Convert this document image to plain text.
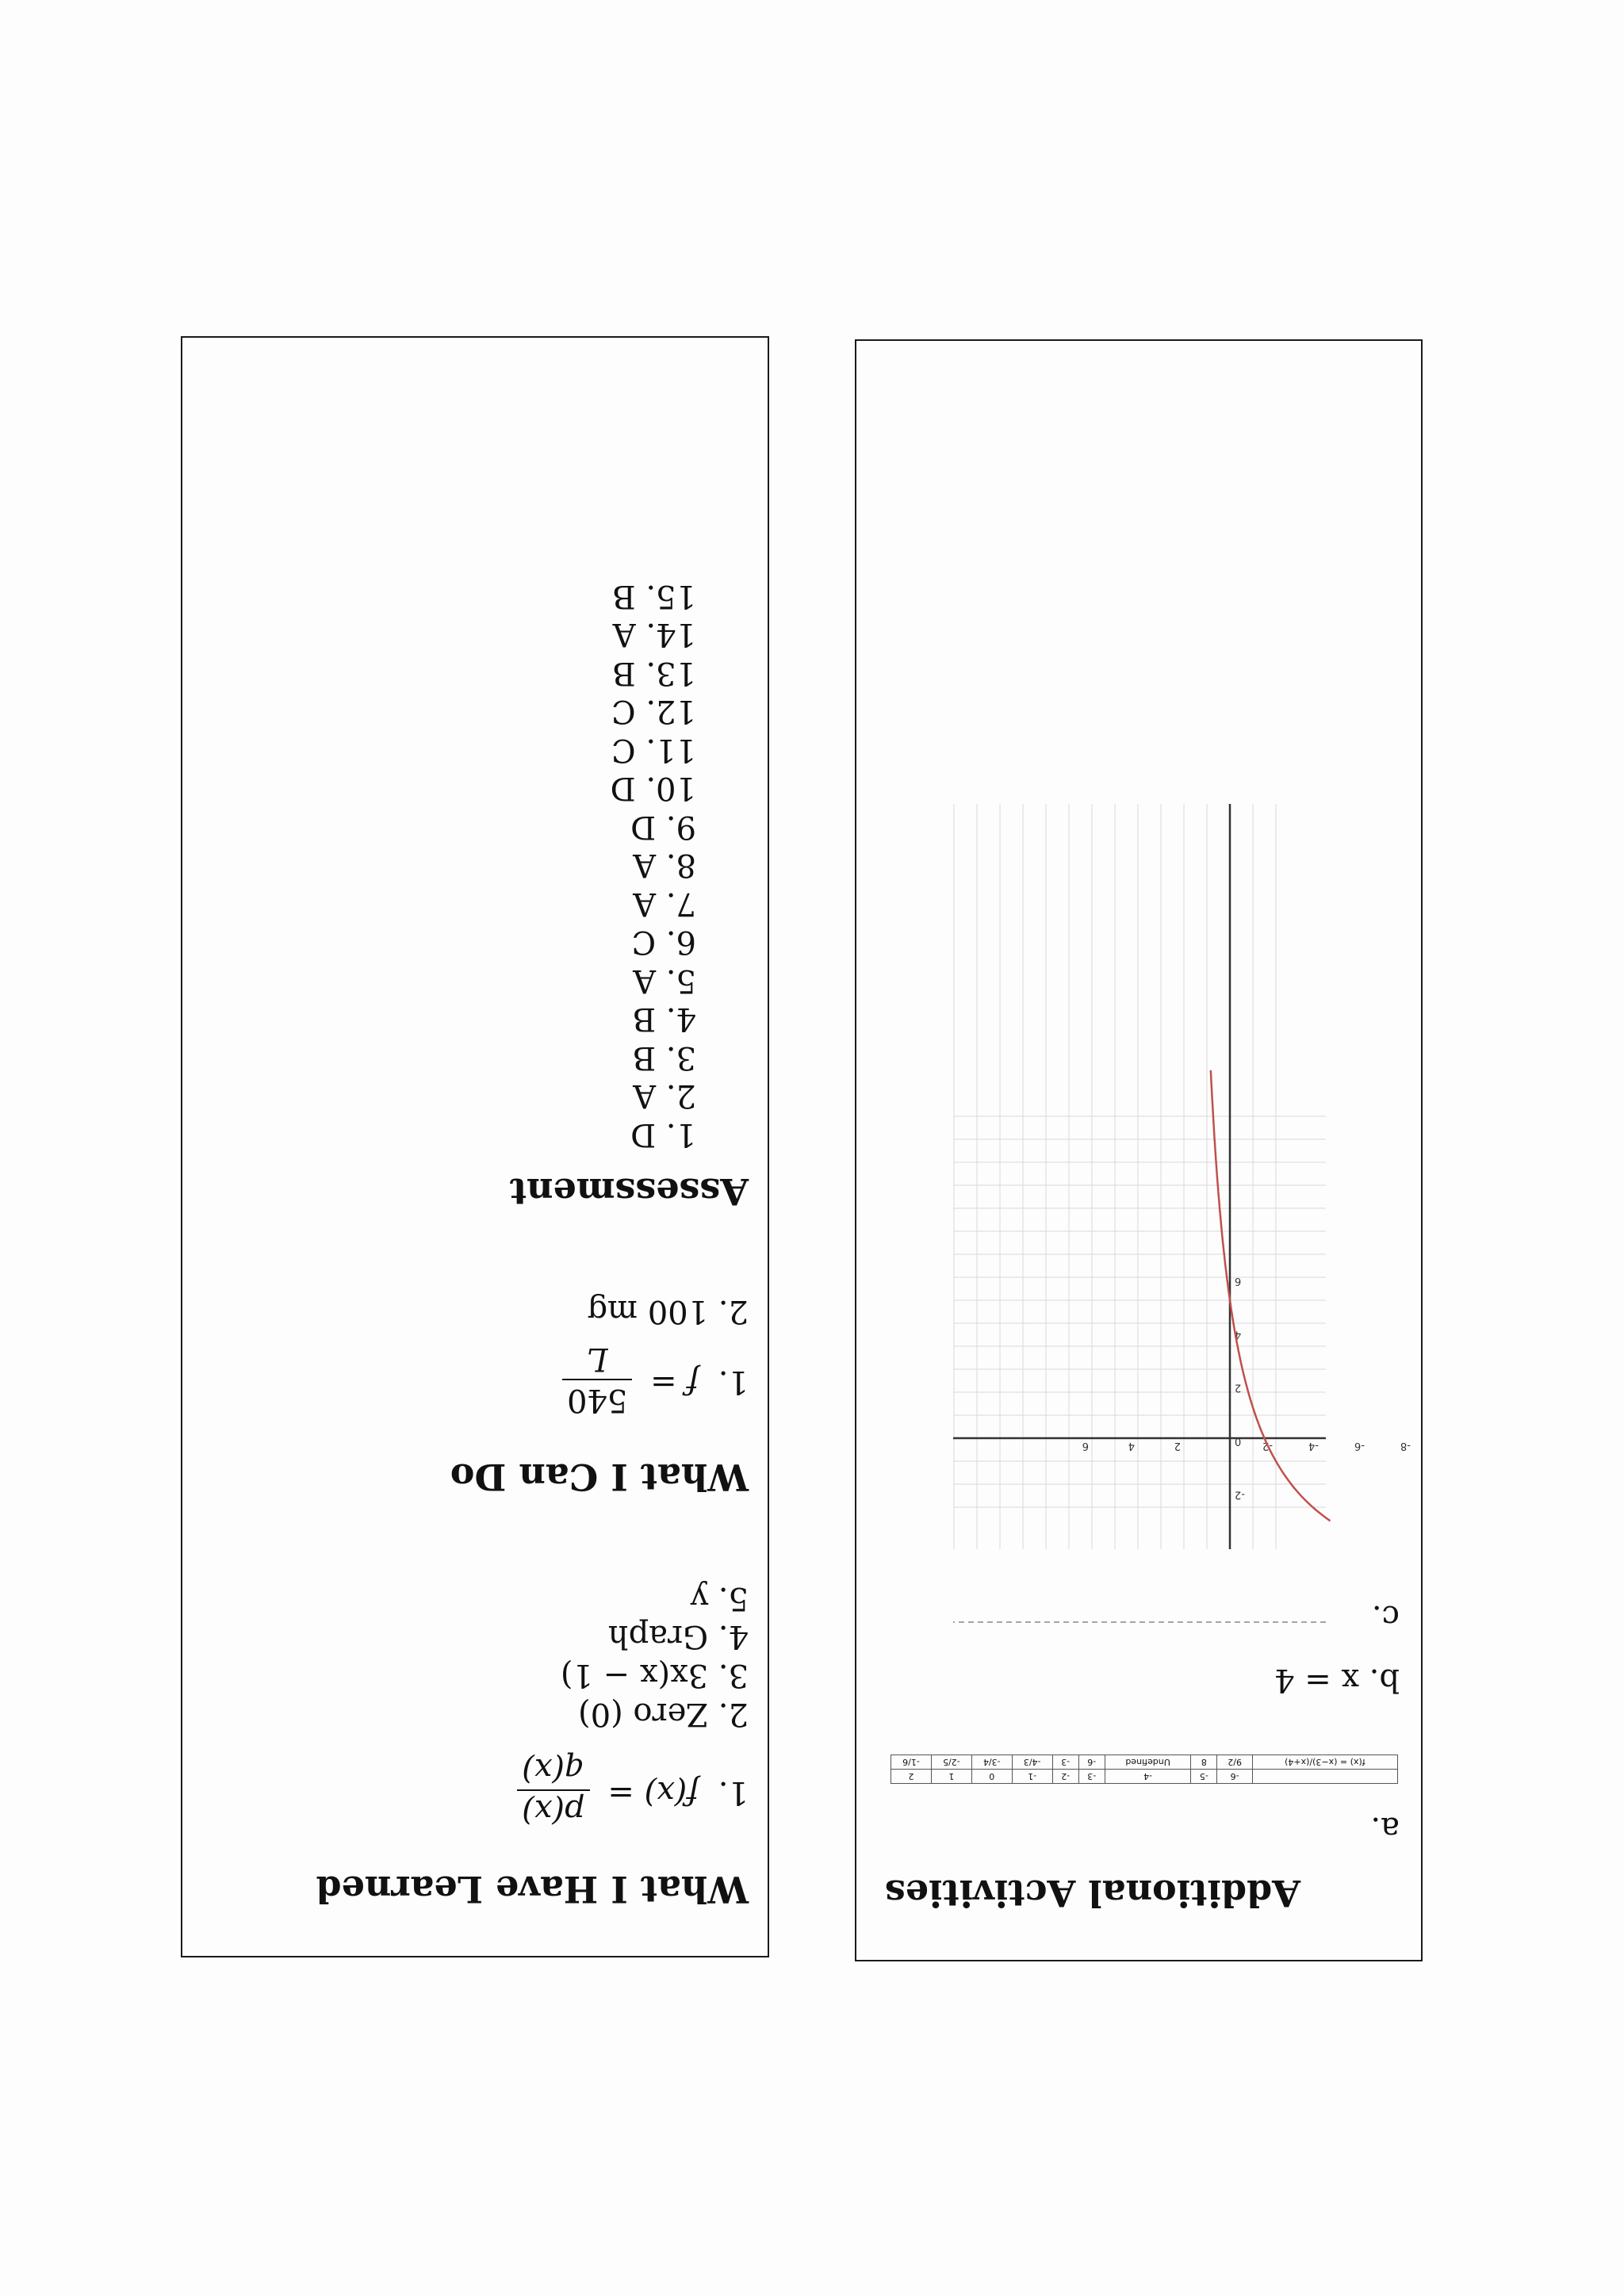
Additional Activities
a.
	-6	-5	-4	-3	-2	-1	0	1	2
f(x) = (x−3)/(x+4)	9/2	8	Undefined	-6	-3	-4/3	-3/4	-2/5	-1/6
b. x = 4
c.
-2
0
2
4
6
6	4	2	-2	-4	-6	-8
What I Have Learned
1. f(x) =
p(x)
q(x)
2. Zero (0)
3. 3x(x − 1)
4. Graph
5. y
What I Can Do
1. f =
540
L
2. 100 mg
Assessment
1. D
2. A
3. B
4. B
5. A
6. C
7. A
8. A
9. D
10. D
11. C
12. C
13. B
14. A
15. B
